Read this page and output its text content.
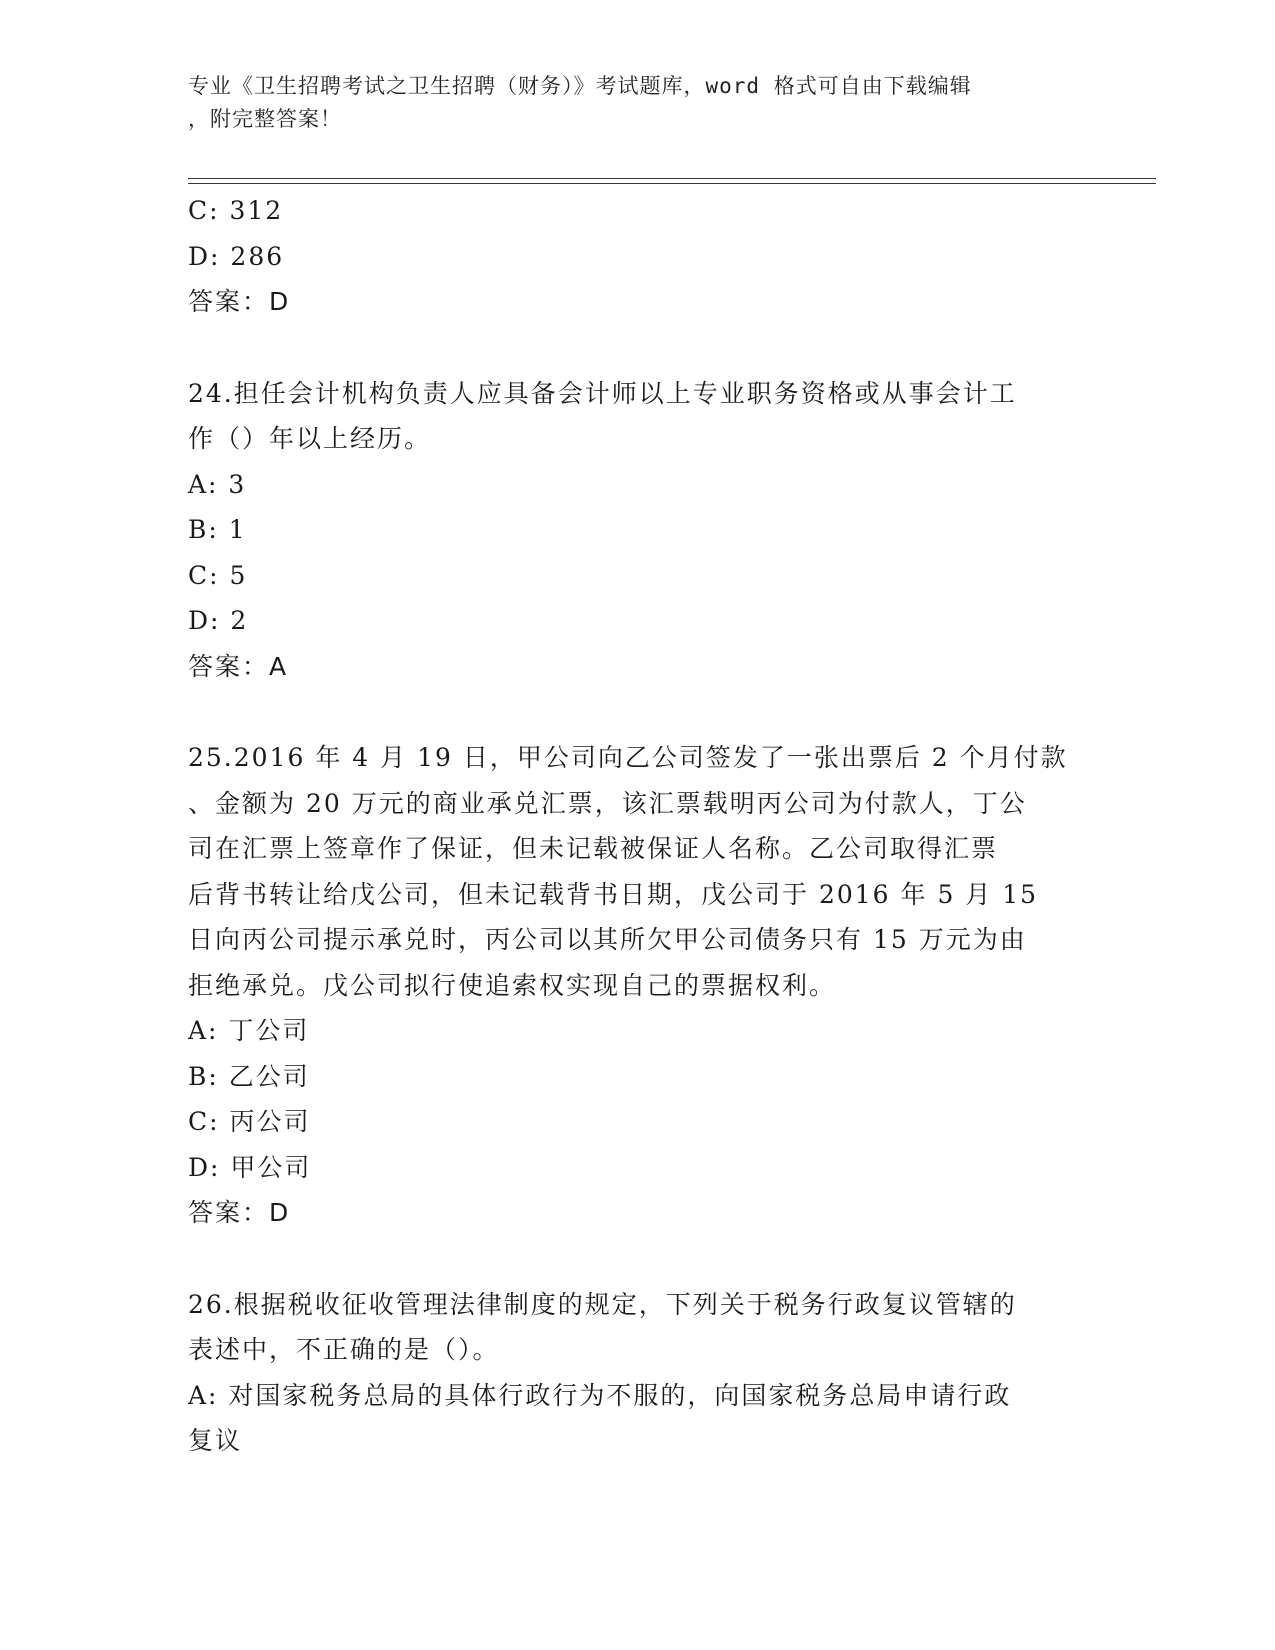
专业《卫生招聘考试之卫生招聘（财务）》考试题库，word 格式可自由下载编辑
，附完整答案！
C: 312
D: 286
答案：D
24.担任会计机构负责人应具备会计师以上专业职务资格或从事会计工
作（）年以上经历。
A: 3
B: 1
C: 5
D: 2
答案：A
25.2016 年 4 月 19 日，甲公司向乙公司签发了一张出票后 2 个月付款
、金额为 20 万元的商业承兑汇票，该汇票载明丙公司为付款人，丁公
司在汇票上签章作了保证，但未记载被保证人名称。乙公司取得汇票
后背书转让给戊公司，但未记载背书日期，戊公司于 2016 年 5 月 15
日向丙公司提示承兑时，丙公司以其所欠甲公司债务只有 15 万元为由
拒绝承兑。戊公司拟行使追索权实现自己的票据权利。
A: 丁公司
B: 乙公司
C: 丙公司
D: 甲公司
答案：D
26.根据税收征收管理法律制度的规定，下列关于税务行政复议管辖的
表述中，不正确的是（）。
A: 对国家税务总局的具体行政行为不服的，向国家税务总局申请行政
复议
